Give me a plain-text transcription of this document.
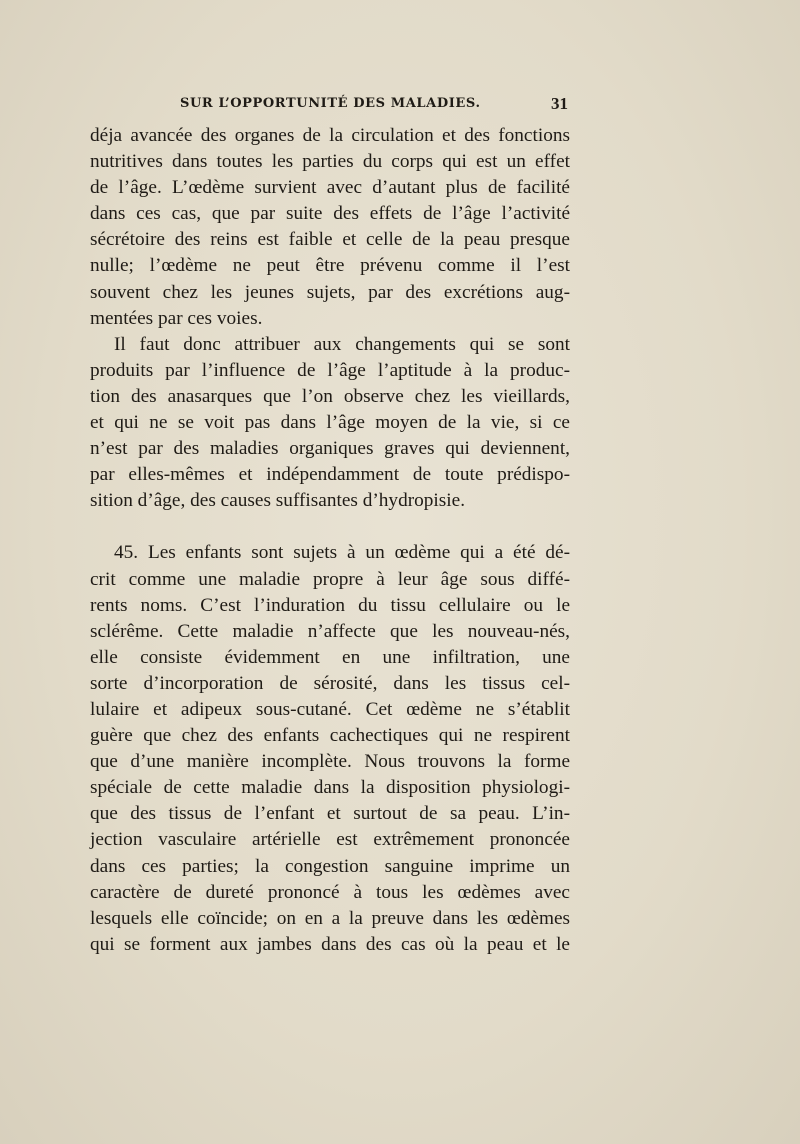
SUR L’OPPORTUNITÉ DES MALADIES.	31
déja avancée des organes de la circulation et des fonctions
nutritives dans toutes les parties du corps qui est un effet
de l’âge. L’œdème survient avec d’autant plus de facilité
dans ces cas, que par suite des effets de l’âge l’activité
sécrétoire des reins est faible et celle de la peau presque
nulle; l’œdème ne peut être prévenu comme il l’est
souvent chez les jeunes sujets, par des excrétions aug-
mentées par ces voies.
Il faut donc attribuer aux changements qui se sont
produits par l’influence de l’âge l’aptitude à la produc-
tion des anasarques que l’on observe chez les vieillards,
et qui ne se voit pas dans l’âge moyen de la vie, si ce
n’est par des maladies organiques graves qui deviennent,
par elles-mêmes et indépendamment de toute prédispo-
sition d’âge, des causes suffisantes d’hydropisie.
45. Les enfants sont sujets à un œdème qui a été dé-
crit comme une maladie propre à leur âge sous diffé-
rents noms. C’est l’induration du tissu cellulaire ou le
sclérême. Cette maladie n’affecte que les nouveau-nés,
elle consiste évidemment en une infiltration, une
sorte d’incorporation de sérosité, dans les tissus cel-
lulaire et adipeux sous-cutané. Cet œdème ne s’établit
guère que chez des enfants cachectiques qui ne respirent
que d’une manière incomplète. Nous trouvons la forme
spéciale de cette maladie dans la disposition physiologi-
que des tissus de l’enfant et surtout de sa peau. L’in-
jection vasculaire artérielle est extrêmement prononcée
dans ces parties; la congestion sanguine imprime un
caractère de dureté prononcé à tous les œdèmes avec
lesquels elle coïncide; on en a la preuve dans les œdèmes
qui se forment aux jambes dans des cas où la peau et le
